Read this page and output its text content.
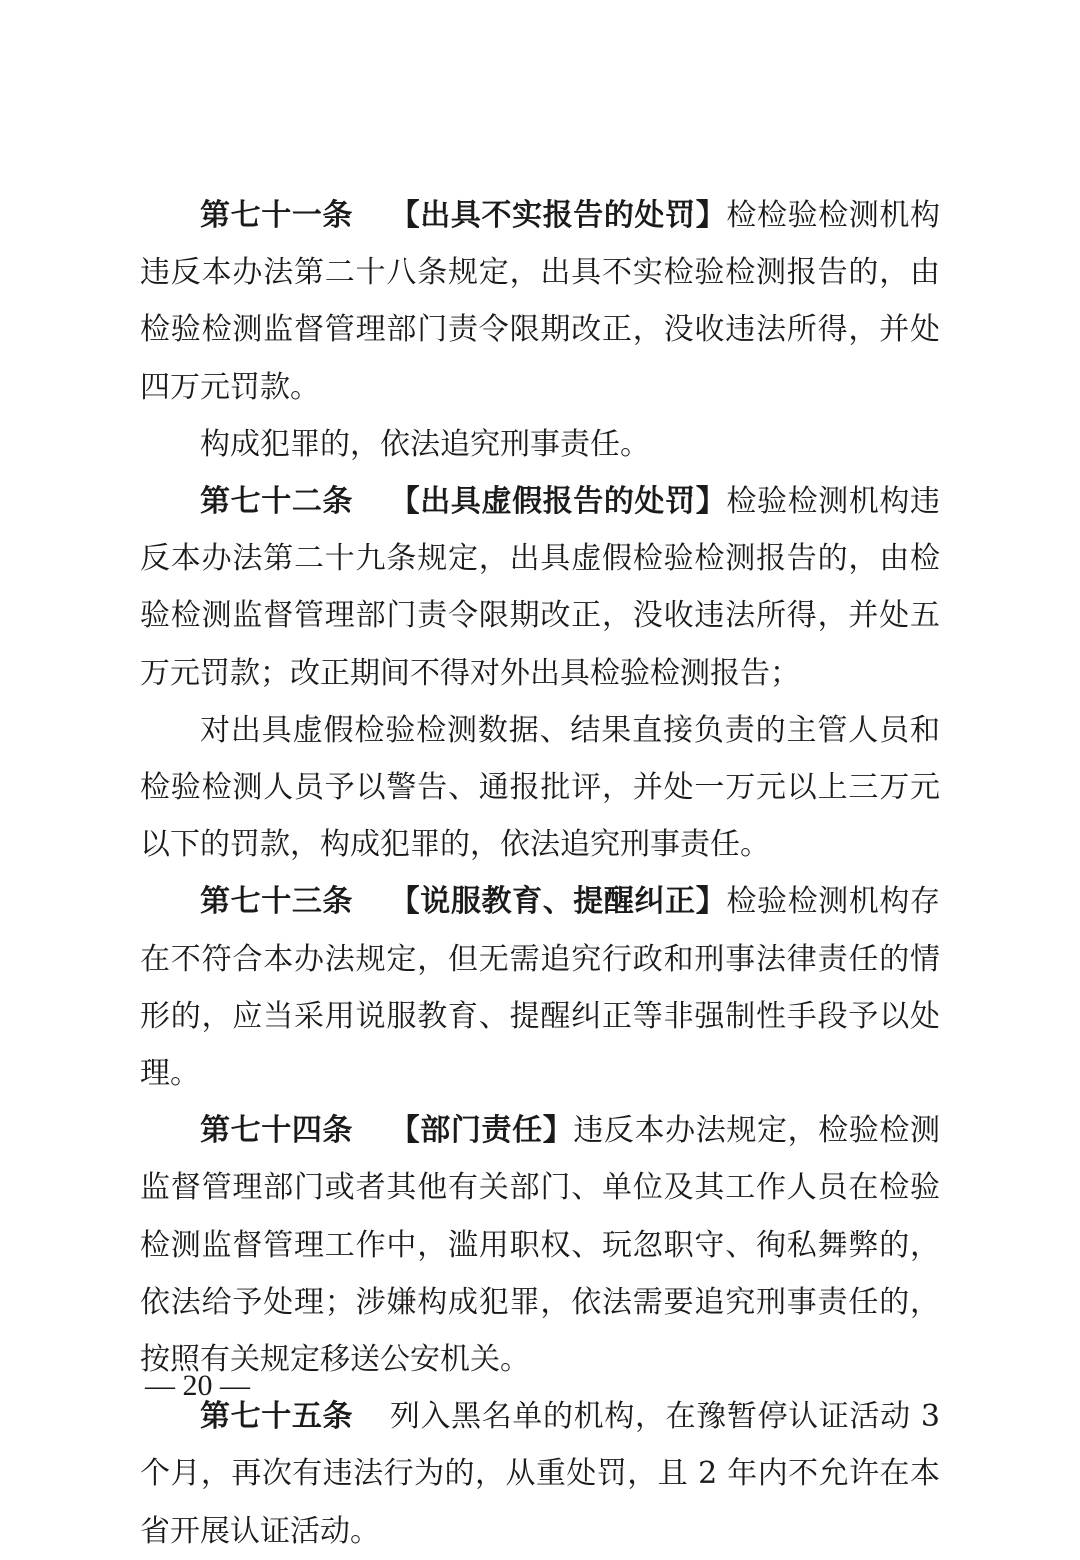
第七十一条 【出具不实报告的处罚】检检验检测机构违反本办法第二十八条规定，出具不实检验检测报告的，由检验检测监督管理部门责令限期改正，没收违法所得，并处四万元罚款。

构成犯罪的，依法追究刑事责任。

第七十二条 【出具虚假报告的处罚】检验检测机构违反本办法第二十九条规定，出具虚假检验检测报告的，由检验检测监督管理部门责令限期改正，没收违法所得，并处五万元罚款；改正期间不得对外出具检验检测报告；

对出具虚假检验检测数据、结果直接负责的主管人员和检验检测人员予以警告、通报批评，并处一万元以上三万元以下的罚款，构成犯罪的，依法追究刑事责任。

第七十三条 【说服教育、提醒纠正】检验检测机构存在不符合本办法规定，但无需追究行政和刑事法律责任的情形的，应当采用说服教育、提醒纠正等非强制性手段予以处理。

第七十四条 【部门责任】违反本办法规定，检验检测监督管理部门或者其他有关部门、单位及其工作人员在检验检测监督管理工作中，滥用职权、玩忽职守、徇私舞弊的，依法给予处理；涉嫌构成犯罪，依法需要追究刑事责任的，按照有关规定移送公安机关。

第七十五条 列入黑名单的机构，在豫暂停认证活动 3 个月，再次有违法行为的，从重处罚，且 2 年内不允许在本省开展认证活动。

— 20 —
